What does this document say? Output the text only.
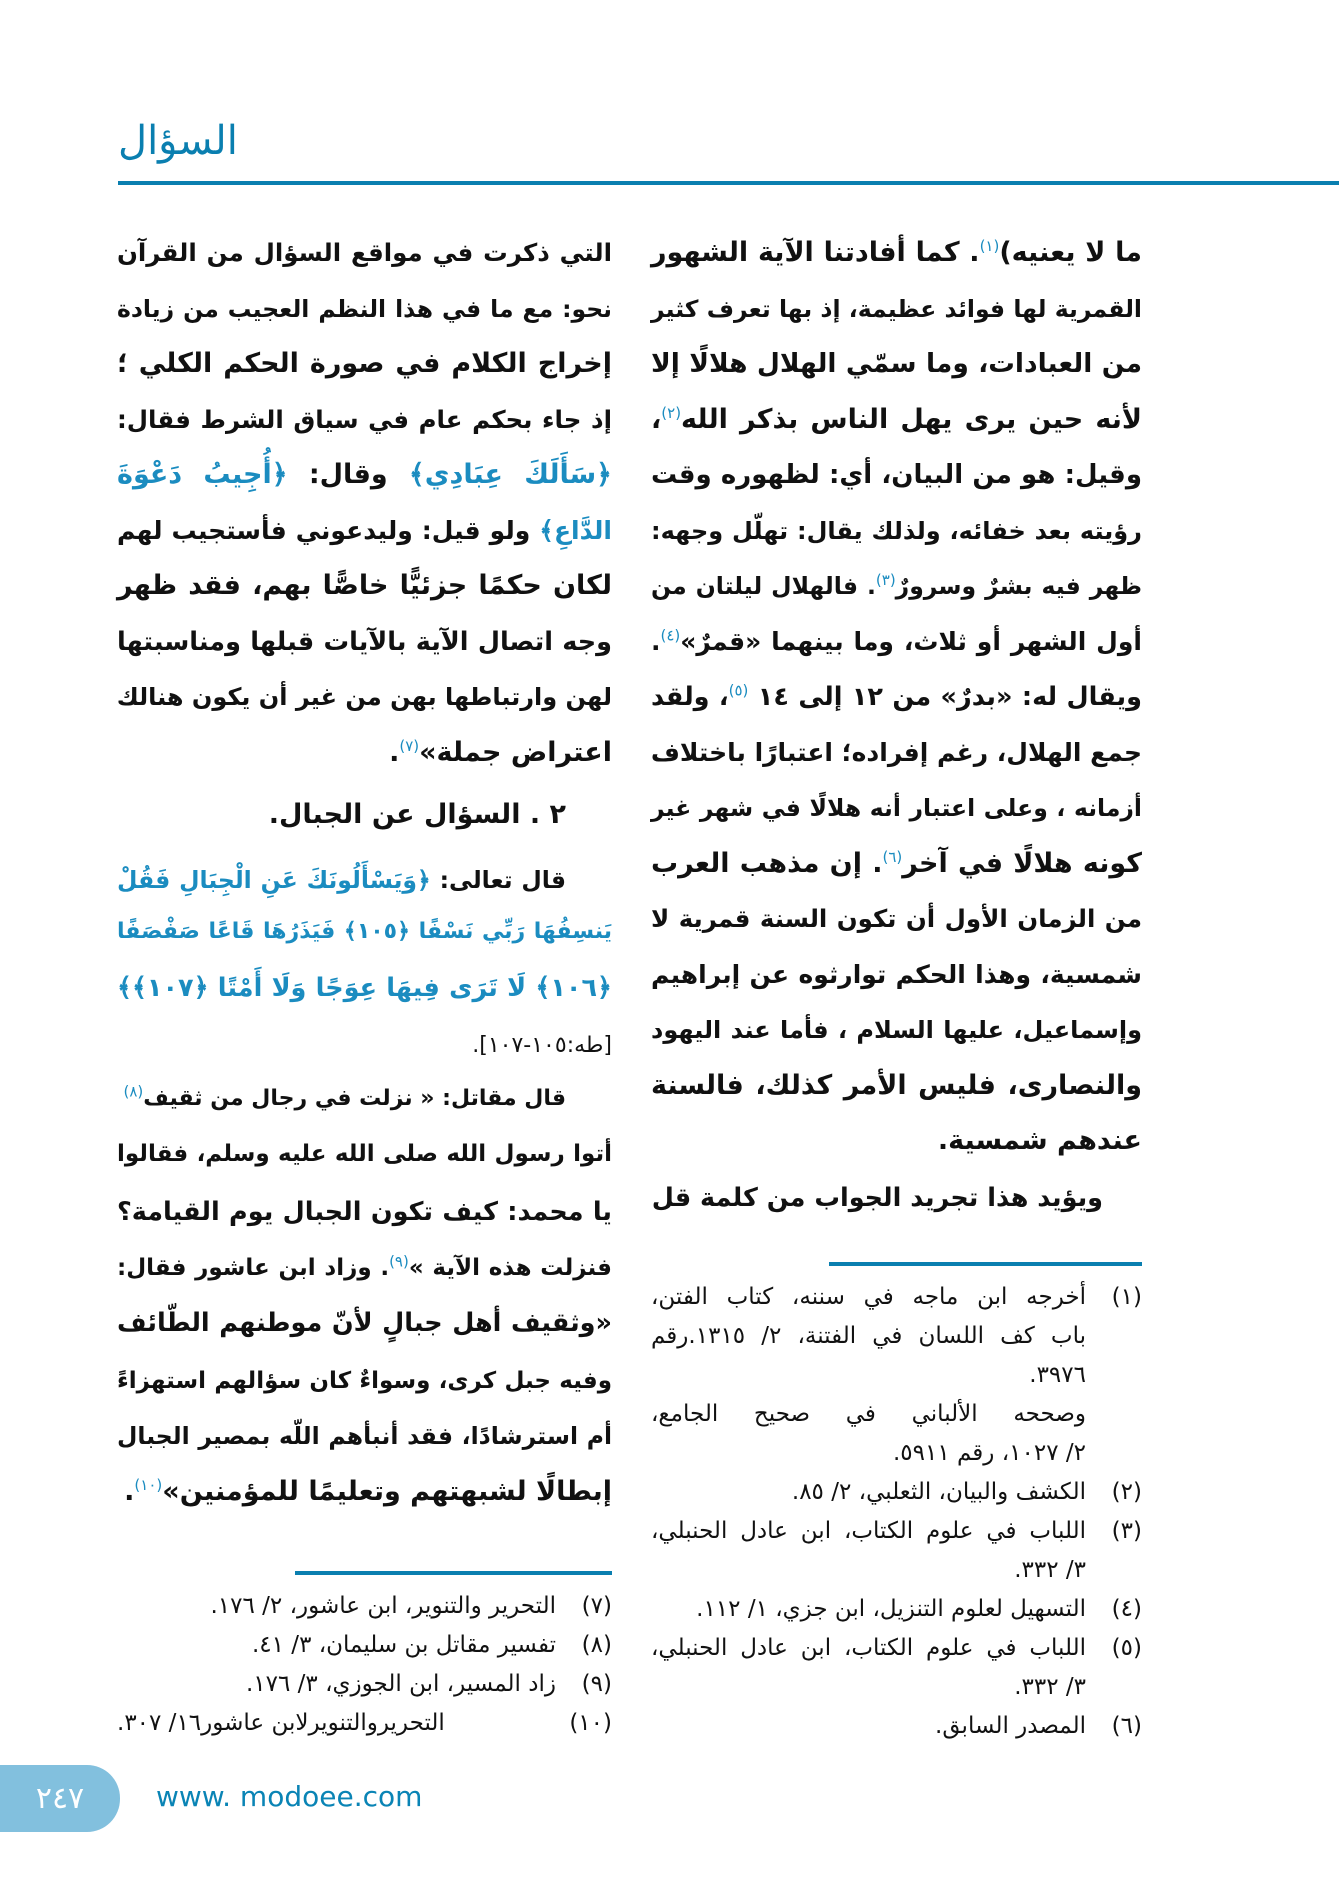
السؤال
ما لا يعنيه)$^{(١)}$. كما أفادتنا الآية الشهور
القمرية لها فوائد عظيمة، إذ بها تعرف كثير
من العبادات، وما سمّي الهلال هلالًا إلا
لأنه حين يرى يهل الناس بذكر الله$^{(٢)}$،
وقيل: هو من البيان، أي: لظهوره وقت
رؤيته بعد خفائه، ولذلك يقال: تهلّل وجهه:
ظهر فيه بشرٌ وسرورٌ$^{(٣)}$. فالهلال ليلتان من
أول الشهر أو ثلاث، وما بينهما «قمرٌ»$^{(٤)}$.
ويقال له: «بدرٌ» من ١٢ إلى ١٤ $^{(٥)}$، ولقد
جمع الهلال، رغم إفراده؛ اعتبارًا باختلاف
أزمانه ، وعلى اعتبار أنه هلالًا في شهر غير
كونه هلالًا في آخر$^{(٦)}$. إن مذهب العرب
من الزمان الأول أن تكون السنة قمرية لا
شمسية، وهذا الحكم توارثوه عن إبراهيم
وإسماعيل، عليها السلام ، فأما عند اليهود
والنصارى، فليس الأمر كذلك، فالسنة
عندهم شمسية.
ويؤيد هذا تجريد الجواب من كلمة قل
(١)
أخرجه ابن ماجه في سننه، كتاب الفتن،
باب كف اللسان في الفتنة، ٢/ ١٣١٥.رقم
٣٩٧٦.
وصححه الألباني في صحيح الجامع،
٢/ ١٠٢٧، رقم ٥٩١١.
(٢)
الكشف والبيان، الثعلبي، ٢/ ٨٥.
(٣)
اللباب في علوم الكتاب، ابن عادل الحنبلي،
٣/ ٣٣٢.
(٤)
التسهيل لعلوم التنزيل، ابن جزي، ١/ ١١٢.
(٥)
اللباب في علوم الكتاب، ابن عادل الحنبلي،
٣/ ٣٣٢.
(٦)
المصدر السابق.
التي ذكرت في مواقع السؤال من القرآن
نحو: مع ما في هذا النظم العجيب من زيادة
إخراج الكلام في صورة الحكم الكلي ؛
إذ جاء بحكم عام في سياق الشرط فقال:
﴿سَأَلَكَ عِبَادِي﴾ وقال: ﴿أُجِيبُ دَعْوَةَ
الدَّاعِ﴾ ولو قيل: وليدعوني فأستجيب لهم
لكان حكمًا جزئيًّا خاصًّا بهم، فقد ظهر
وجه اتصال الآية بالآيات قبلها ومناسبتها
لهن وارتباطها بهن من غير أن يكون هنالك
اعتراض جملة»$^{(٧)}$.
٢ . السؤال عن الجبال.
قال تعالى: ﴿وَيَسْأَلُونَكَ عَنِ الْجِبَالِ فَقُلْ
يَنسِفُهَا رَبِّي نَسْفًا ﴿١٠٥﴾ فَيَذَرُهَا قَاعًا صَفْصَفًا
﴿١٠٦﴾ لَا تَرَى فِيهَا عِوَجًا وَلَا أَمْتًا ﴿١٠٧﴾﴾
[طه:١٠٥-١٠٧].
قال مقاتل: « نزلت في رجال من ثقيف$^{(٨)}$
أتوا رسول الله صلى الله عليه وسلم، فقالوا
يا محمد: كيف تكون الجبال يوم القيامة؟
فنزلت هذه الآية »$^{(٩)}$. وزاد ابن عاشور فقال:
«وثقيف أهل جبالٍ لأنّ موطنهم الطّائف
وفيه جبل كرى، وسواءٌ كان سؤالهم استهزاءً
أم استرشادًا، فقد أنبأهم اللّه بمصير الجبال
إبطالًا لشبهتهم وتعليمًا للمؤمنين»$^{(١٠)}$.
(٧)
التحرير والتنوير، ابن عاشور، ٢/ ١٧٦.
(٨)
تفسير مقاتل بن سليمان، ٣/ ٤١.
(٩)
زاد المسير، ابن الجوزي، ٣/ ١٧٦.
(١٠)
التحريروالتنويرلابن عاشور١٦/ ٣٠٧.
٢٤٧	www. modoee.com
